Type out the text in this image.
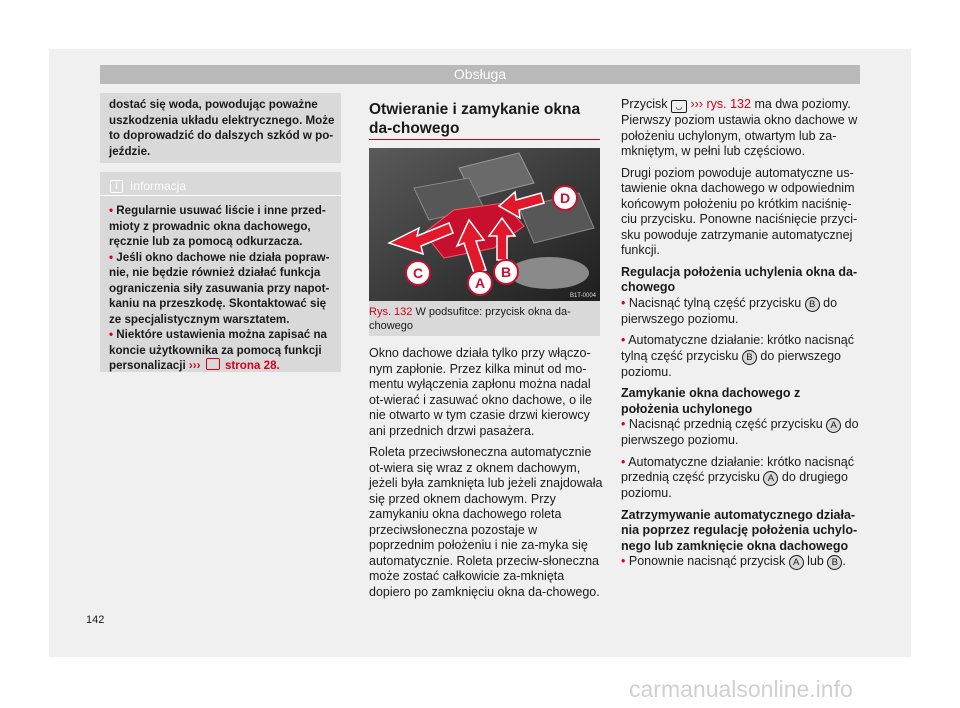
Obsługa
dostać się woda, powodując poważne uszkodzenia układu elektrycznego. Może to doprowadzić do dalszych szkód w po-jeździe.
i	Informacja

• Regularnie usuwać liście i inne przed-mioty z prowadnic okna dachowego, ręcznie lub za pomocą odkurzacza.

• Jeśli okno dachowe nie działa popraw-nie, nie będzie również działać funkcja ograniczenia siły zasuwania przy napot-kaniu na przeszkodę. Skontaktować się ze specjalistycznym warsztatem.

• Niektóre ustawienia można zapisać na koncie użytkownika za pomocą funkcji personalizacji ››› strona 28.

Otwieranie i zamykanie okna da-chowego
A
B
C
D
B1T-0004
Rys. 132 W podsufitce: przycisk okna da-chowego

Okno dachowe działa tylko przy włączo-nym zapłonie. Przez kilka minut od mo-mentu wyłączenia zapłonu można nadal ot-wierać i zasuwać okno dachowe, o ile nie otwarto w tym czasie drzwi kierowcy ani przednich drzwi pasażera.

Roleta przeciwsłoneczna automatycznie ot-wiera się wraz z oknem dachowym, jeżeli była zamknięta lub jeżeli znajdowała się przed oknem dachowym. Przy zamykaniu okna dachowego roleta przeciwsłoneczna pozostaje w poprzednim położeniu i nie za-myka się automatycznie. Roleta przeciw-słoneczna może zostać całkowicie za-mknięta dopiero po zamknięciu okna da-chowego.

Przycisk ◡ ››› rys. 132 ma dwa poziomy. Pierwszy poziom ustawia okno dachowe w położeniu uchylonym, otwartym lub za-mkniętym, w pełni lub częściowo.

Drugi poziom powoduje automatyczne us-tawienie okna dachowego w odpowiednim końcowym położeniu po krótkim naciśnię-ciu przycisku. Ponowne naciśnięcie przyci-sku powoduje zatrzymanie automatycznej funkcji.

Regulacja położenia uchylenia okna da-chowego

• Nacisnąć tylną część przycisku B do pierwszego poziomu.

• Automatyczne działanie: krótko nacisnąć tylną część przycisku B do pierwszego poziomu.

Zamykanie okna dachowego z położenia uchylonego

• Nacisnąć przednią część przycisku A do pierwszego poziomu.

• Automatyczne działanie: krótko nacisnąć przednią część przycisku A do drugiego poziomu.

Zatrzymywanie automatycznego działa-nia poprzez regulację położenia uchylo-nego lub zamknięcie okna dachowego

• Ponownie nacisnąć przycisk A lub B .

142
carmanualsonline.info
